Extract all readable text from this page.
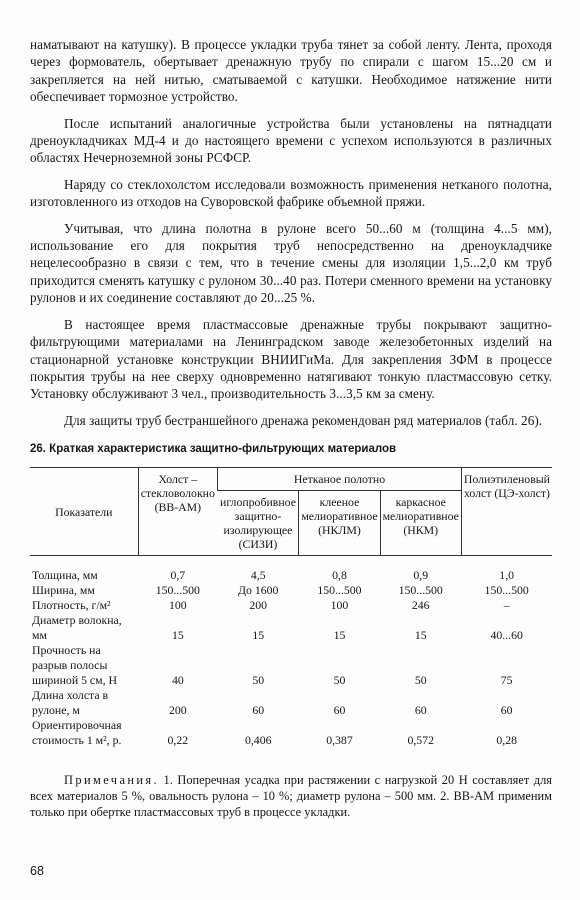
наматывают на катушку). В процессе укладки труба тянет за собой ленту. Лента, проходя через формователь, обертывает дренажную трубу по спирали с шагом 15...20 см и закрепляется на ней нитью, сматываемой с катушки. Необходимое натяжение нити обеспечивает тормозное устройство.

После испытаний аналогичные устройства были установлены на пятнадцати дреноукладчиках МД-4 и до настоящего времени с успехом используются в различных областях Нечерноземной зоны РСФСР.

Наряду со стеклохолстом исследовали возможность применения нетканого полотна, изготовленного из отходов на Суворовской фабрике объемной пряжи.

Учитывая, что длина полотна в рулоне всего 50...60 м (толщина 4...5 мм), использование его для покрытия труб непосредственно на дреноукладчике нецелесообразно в связи с тем, что в течение смены для изоляции 1,5...2,0 км труб приходится сменять катушку с рулоном 30...40 раз. Потери сменного времени на установку рулонов и их соединение составляют до 20...25 %.

В настоящее время пластмассовые дренажные трубы покрывают защитно-фильтрующими материалами на Ленинградском заводе железобетонных изделий на стационарной установке конструкции ВНИИГиМа. Для закрепления ЗФМ в процессе покрытия трубы на нее сверху одновременно натягивают тонкую пластмассовую сетку. Установку обслуживают 3 чел., производительность 3...3,5 км за смену.

Для защиты труб бестраншейного дренажа рекомендован ряд материалов (табл. 26).

26. Краткая характеристика защитно-фильтрующих материалов
Показатели	Холст – стекловолокно (ВВ-АМ)	Нетканое полотно			Полиэтиленовый холст (ЦЭ-холст)
		иглопробивное защитно-изолирующее (СИЗИ)	клееное мелиоративное (НКЛМ)	каркасное мелиоративное (НКМ)	
Толщина, мм	0,7	4,5	0,8	0,9	1,0
Ширина, мм	150...500	До 1600	150...500	150...500	150...500
Плотность, г/м²	100	200	100	246	–
Диаметр волокна, мм	15	15	15	15	40...60
Прочность на разрыв полосы шириной 5 см, Н	40	50	50	50	75
Длина холста в рулоне, м	200	60	60	60	60
Ориентировочная стоимость 1 м², р.	0,22	0,406	0,387	0,572	0,28

Примечания. 1. Поперечная усадка при растяжении с нагрузкой 20 Н составляет для всех материалов 5 %, овальность рулона – 10 %; диаметр рулона – 500 мм. 2. ВВ-АМ применим только при обертке пластмассовых труб в процессе укладки.

68
